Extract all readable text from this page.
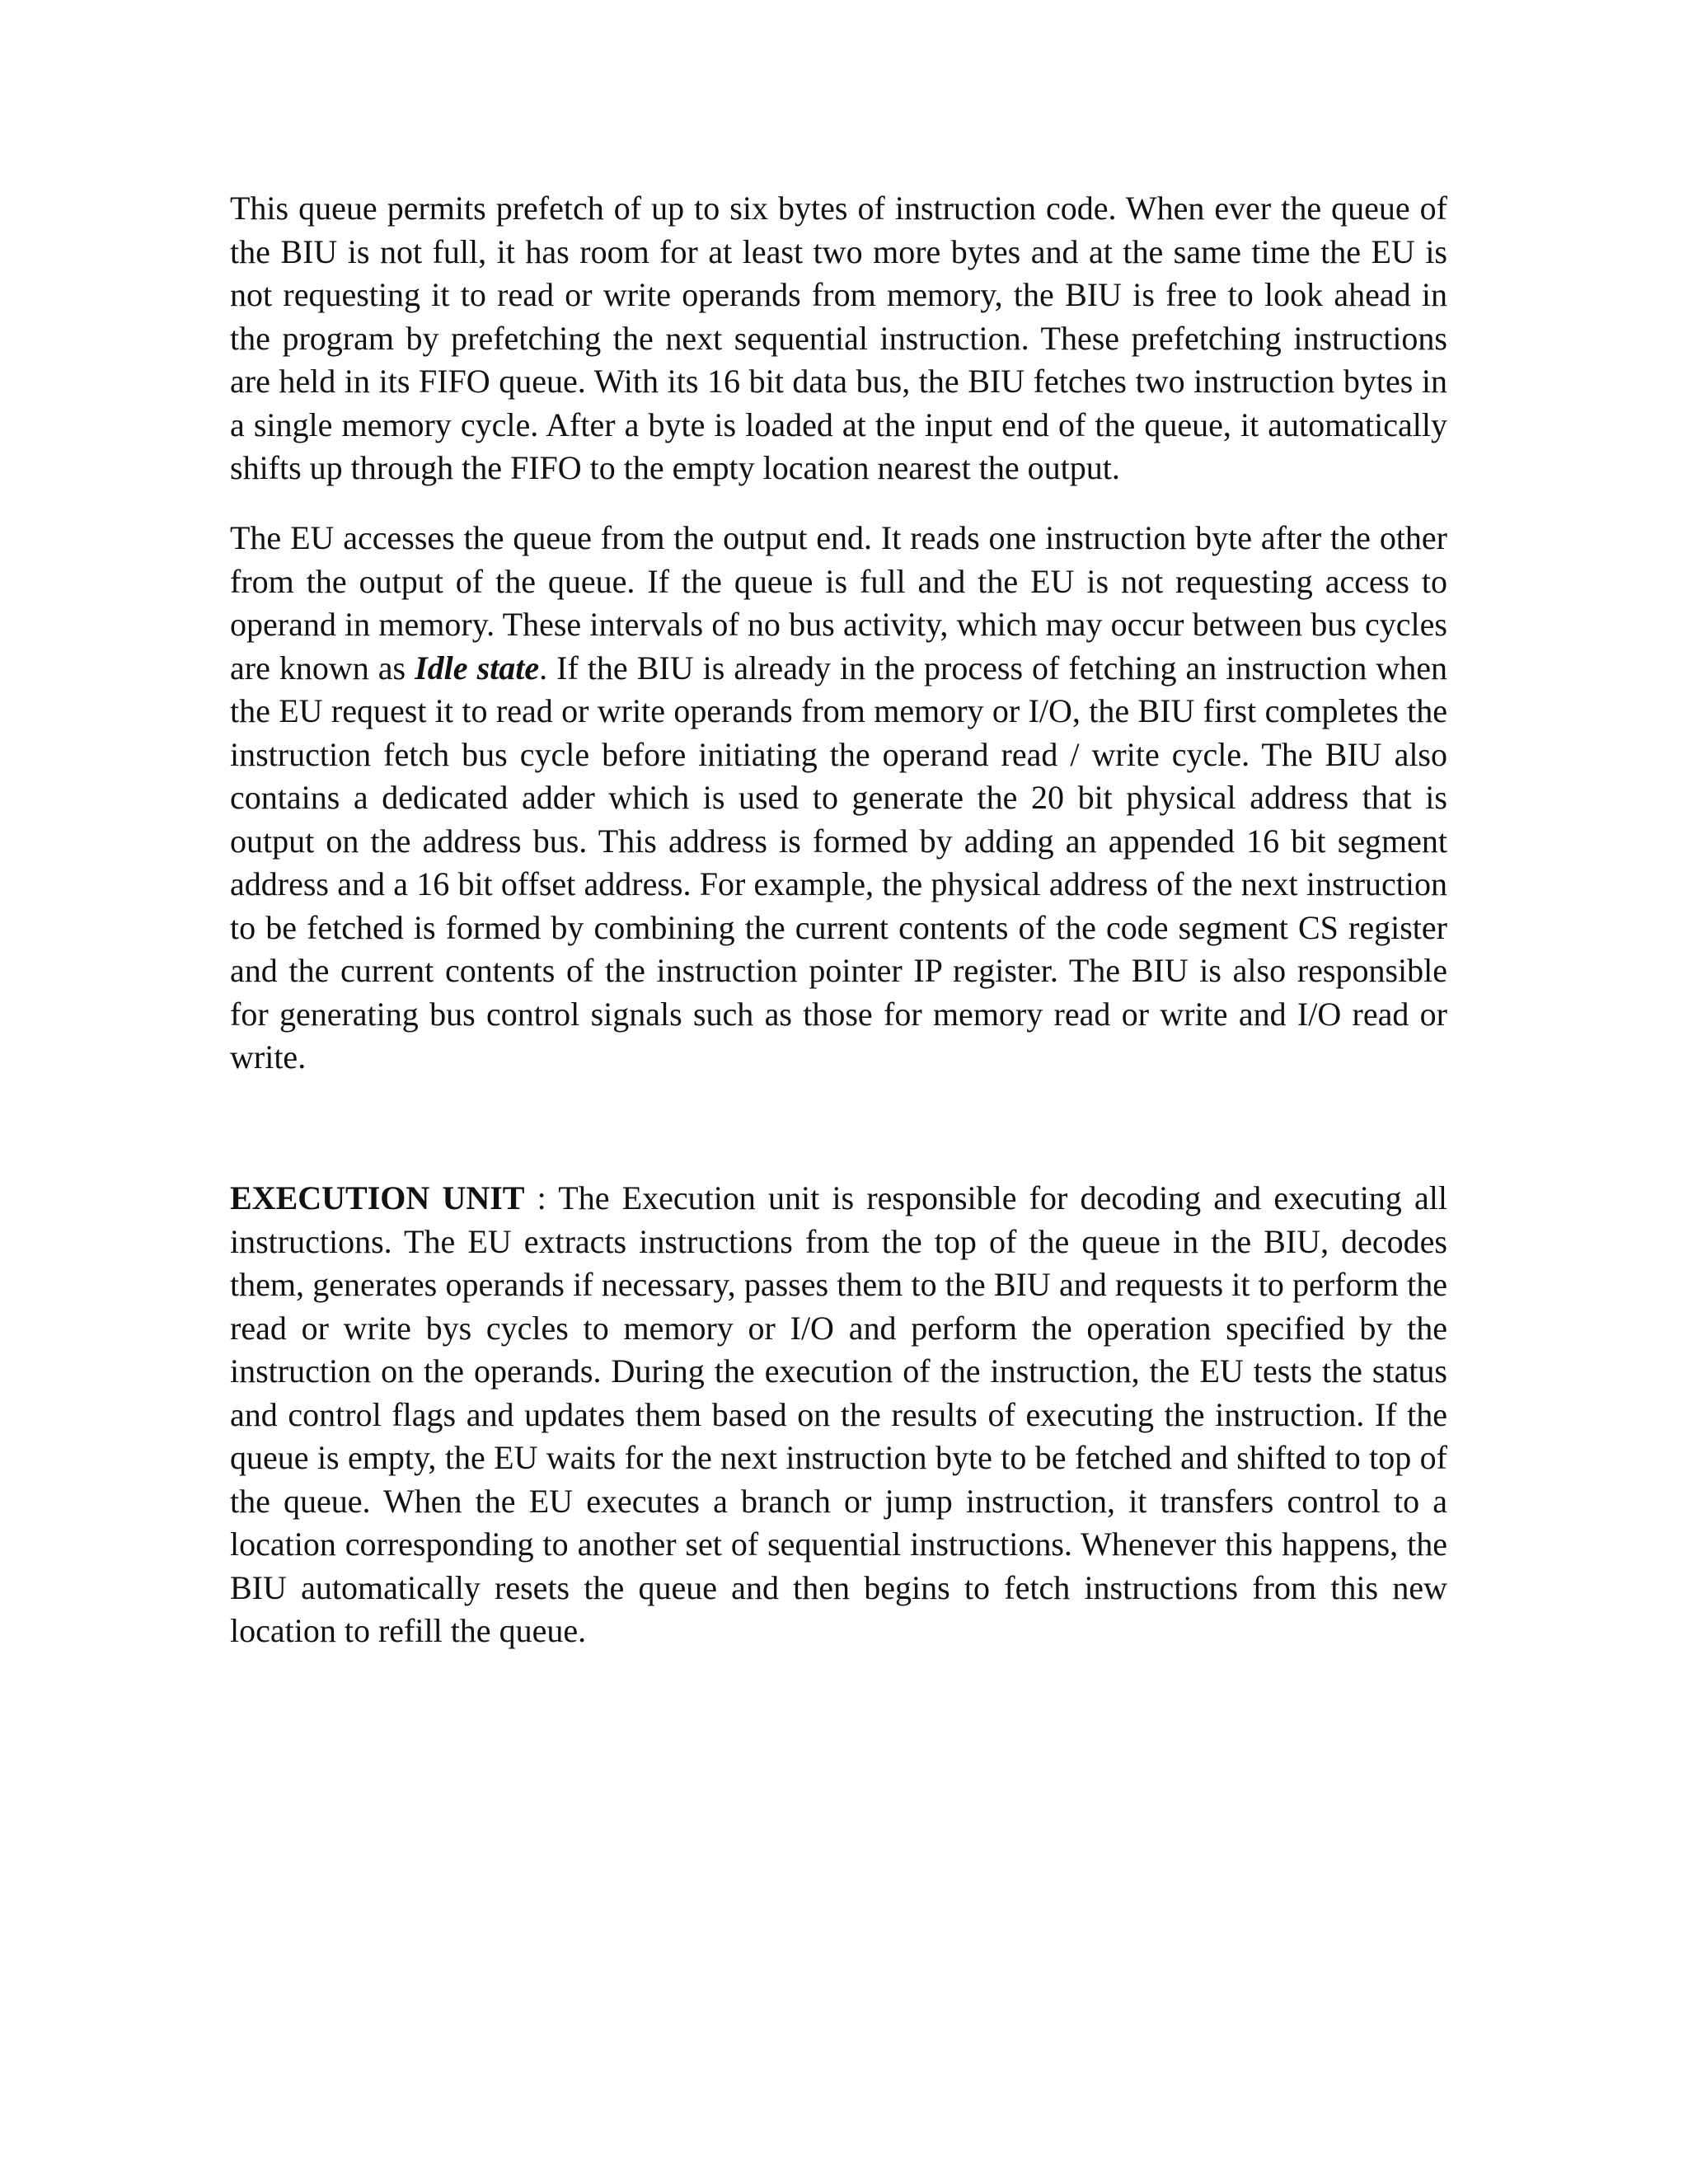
This queue permits prefetch of up to six bytes of instruction code. When ever the queue of the BIU is not full, it has room for at least two more bytes and at the same time the EU is not requesting it to read or write operands from memory, the BIU is free to look ahead in the program by prefetching the next sequential instruction. These prefetching instructions are held in its FIFO queue. With its 16 bit data bus, the BIU fetches two instruction bytes in a single memory cycle. After a byte is loaded at the input end of the queue, it automatically shifts up through the FIFO to the empty location nearest the output.

The EU accesses the queue from the output end. It reads one instruction byte after the other from the output of the queue. If the queue is full and the EU is not requesting access to operand in memory. These intervals of no bus activity, which may occur between bus cycles are known as Idle state. If the BIU is already in the process of fetching an instruction when the EU request it to read or write operands from memory or I/O, the BIU first completes the instruction fetch bus cycle before initiating the operand read / write cycle. The BIU also contains a dedicated adder which is used to generate the 20 bit physical address that is output on the address bus. This address is formed by adding an appended 16 bit segment address and a 16 bit offset address. For example, the physical address of the next instruction to be fetched is formed by combining the current contents of the code segment CS register and the current contents of the instruction pointer IP register. The BIU is also responsible for generating bus control signals such as those for memory read or write and I/O read or write.

EXECUTION UNIT : The Execution unit is responsible for decoding and executing all instructions. The EU extracts instructions from the top of the queue in the BIU, decodes them, generates operands if necessary, passes them to the BIU and requests it to perform the read or write bys cycles to memory or I/O and perform the operation specified by the instruction on the operands. During the execution of the instruction, the EU tests the status and control flags and updates them based on the results of executing the instruction. If the queue is empty, the EU waits for the next instruction byte to be fetched and shifted to top of the queue. When the EU executes a branch or jump instruction, it transfers control to a location corresponding to another set of sequential instructions. Whenever this happens, the BIU automatically resets the queue and then begins to fetch instructions from this new location to refill the queue.
